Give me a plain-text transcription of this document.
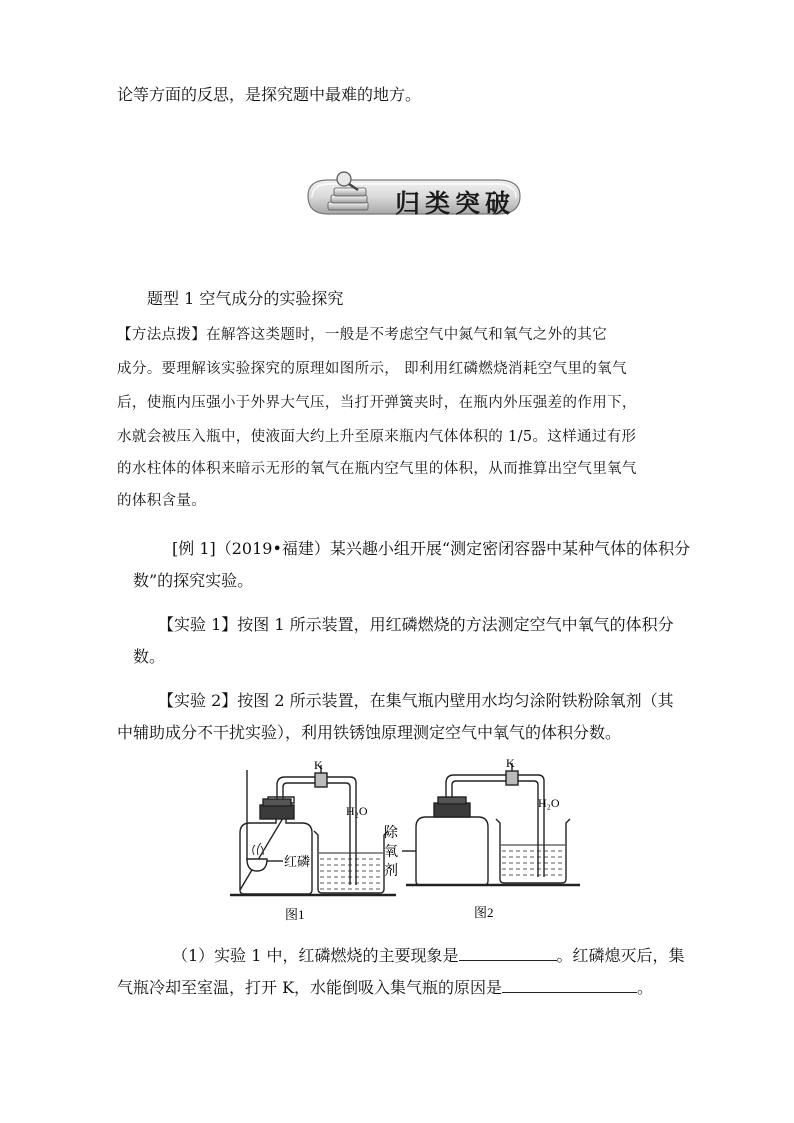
论等方面的反思，是探究题中最难的地方。
归类突破
题型 1 空气成分的实验探究
【方法点拨】在解答这类题时，一般是不考虑空气中氮气和氧气之外的其它
成分。要理解该实验探究的原理如图所示， 即利用红磷燃烧消耗空气里的氧气
后，使瓶内压强小于外界大气压，当打开弹簧夹时，在瓶内外压强差的作用下，
水就会被压入瓶中，使液面大约上升至原来瓶内气体体积的 1/5。这样通过有形
的水柱体的体积来暗示无形的氧气在瓶内空气里的体积，从而推算出空气里氧气
的体积含量。
[例 1]（2019•福建）某兴趣小组开展“测定密闭容器中某种气体的体积分
数”的探究实验。
【实验 1】按图 1 所示装置，用红磷燃烧的方法测定空气中氧气的体积分
数。
【实验 2】按图 2 所示装置，在集气瓶内壁用水均匀涂附铁粉除氧剂（其
中辅助成分不干扰实验），利用铁锈蚀原理测定空气中氧气的体积分数。
K
H₂O
红磷
图1
K
H₂O
除
氧
剂
图2
（1）实验 1 中，红磷燃烧的主要现象是	。红磷熄灭后，集
气瓶冷却至室温，打开 K，水能倒吸入集气瓶的原因是	。
